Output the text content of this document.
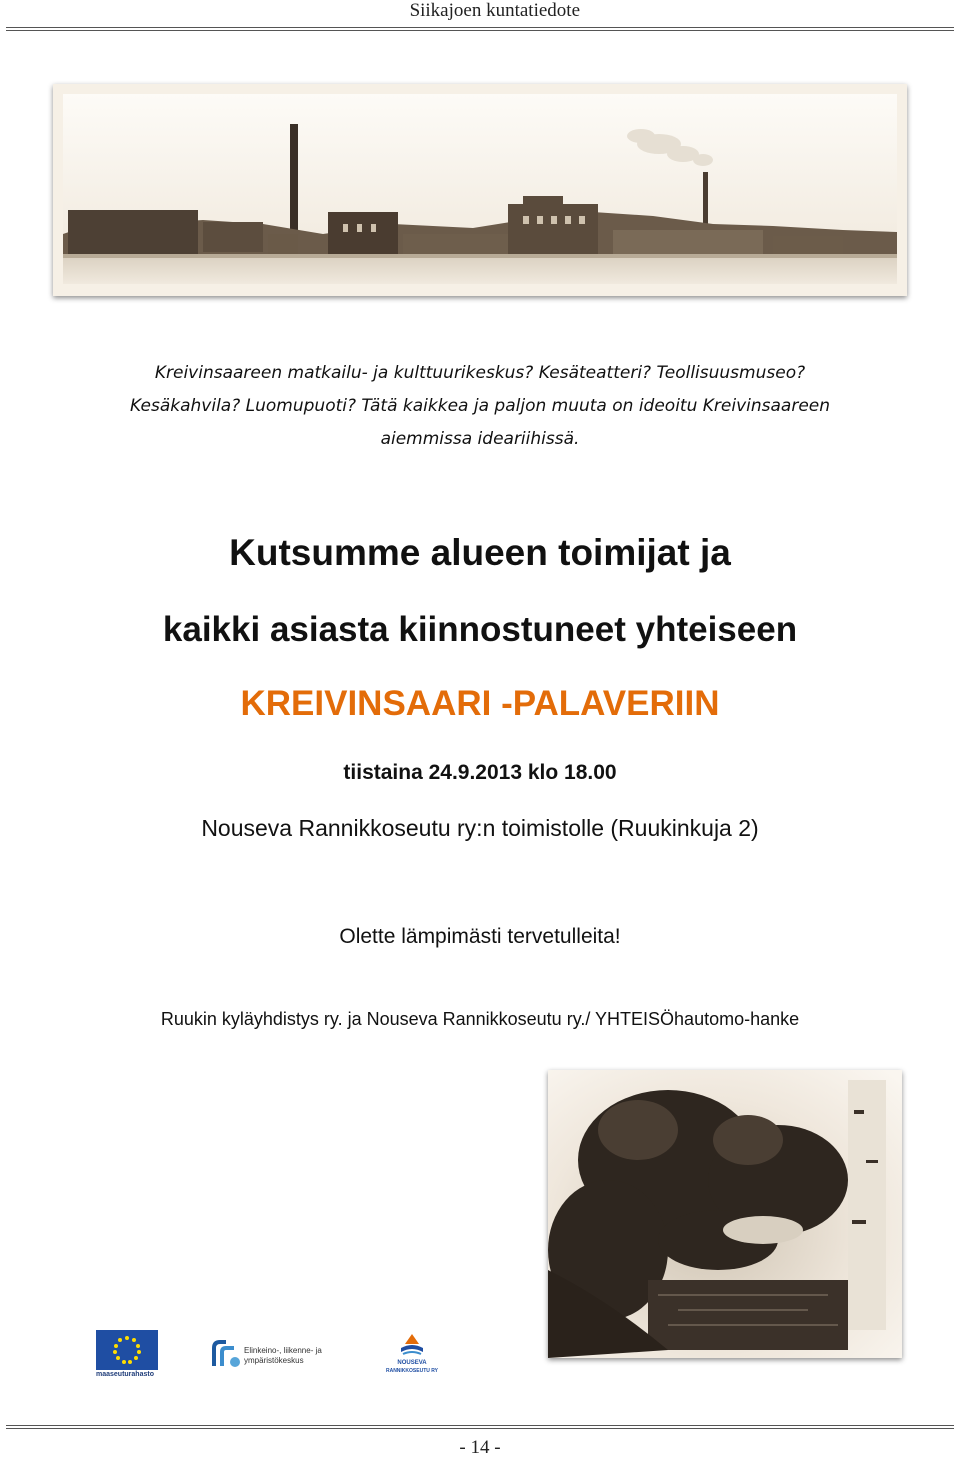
Siikajoen kuntatiedote
Kreivinsaareen matkailu- ja kulttuurikeskus? Kesäteatteri? Teollisuusmuseo?
Kesäkahvila? Luomupuoti? Tätä kaikkea ja paljon muuta on ideoitu Kreivinsaareen
aiemmissa ideariihissä.
Kutsumme alueen toimijat ja
kaikki asiasta kiinnostuneet yhteiseen
KREIVINSAARI -PALAVERIIN
tiistaina 24.9.2013 klo 18.00
Nouseva Rannikkoseutu ry:n toimistolle (Ruukinkuja 2)
Olette lämpimästi tervetulleita!
Ruukin kyläyhdistys ry. ja Nouseva Rannikkoseutu ry./ YHTEISÖhautomo-hanke
maaseuturahasto
Elinkeino-, liikenne- ja
ympäristökeskus	NOUSEVA
RANNIKKOSEUTU RY
- 14 -
